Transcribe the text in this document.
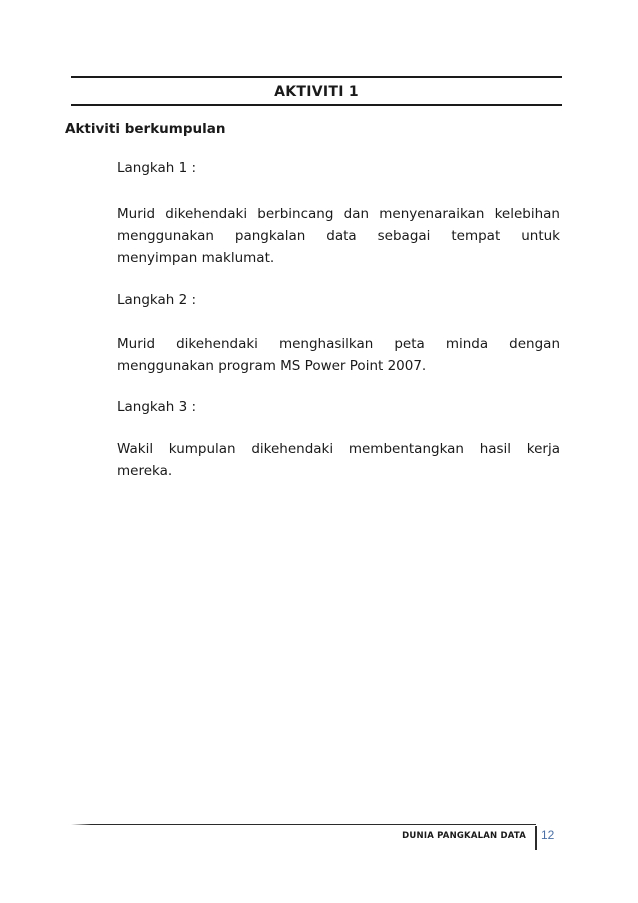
AKTIVITI 1
Aktiviti berkumpulan
Langkah 1 :

Murid dikehendaki berbincang dan menyenaraikan kelebihan menggunakan pangkalan data sebagai tempat untuk menyimpan maklumat.

Langkah 2 :

Murid dikehendaki menghasilkan peta minda dengan menggunakan program MS Power Point 2007.

Langkah 3 :

Wakil kumpulan dikehendaki membentangkan hasil kerja mereka.

DUNIA PANGKALAN DATA 12
